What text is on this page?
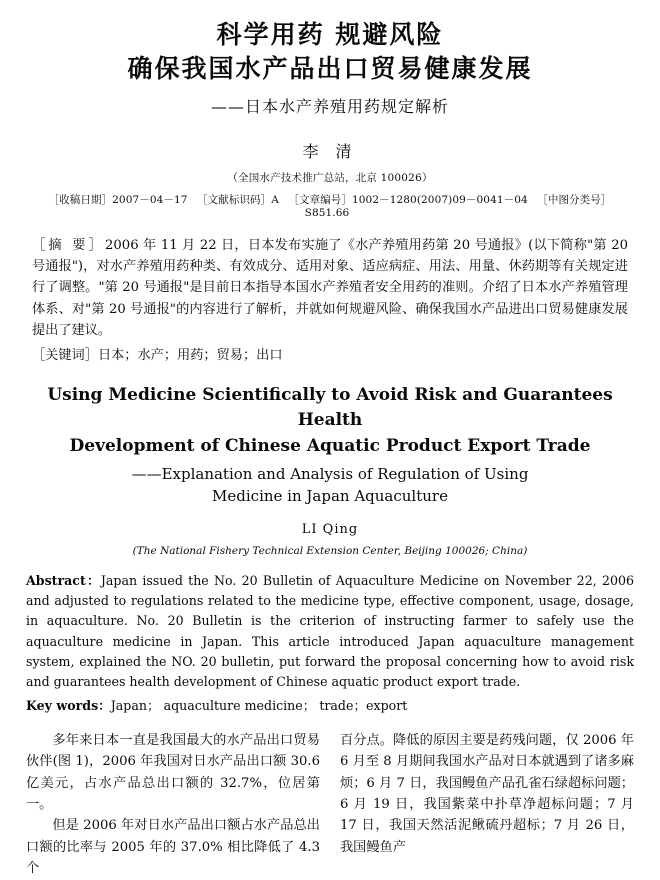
科学用药 规避风险
确保我国水产品出口贸易健康发展
——日本水产养殖用药规定解析
李 清
（全国水产技术推广总站，北京 100026）
［收稿日期］2007－04－17 ［文献标识码］A ［文章编号］1002－1280(2007)09－0041－04 ［中图分类号］S851.66
［摘 要］2006 年 11 月 22 日，日本发布实施了《水产养殖用药第 20 号通报》(以下简称"第 20 号通报")，对水产养殖用药种类、有效成分、适用对象、适应病症、用法、用量、休药期等有关规定进行了调整。"第 20 号通报"是目前日本指导本国水产养殖者安全用药的准则。介绍了日本水产养殖管理体系、对"第 20 号通报"的内容进行了解析，并就如何规避风险、确保我国水产品进出口贸易健康发展提出了建议。
［关键词］日本；水产；用药；贸易；出口
Using Medicine Scientifically to Avoid Risk and Guarantees Health
Development of Chinese Aquatic Product Export Trade
——Explanation and Analysis of Regulation of Using
Medicine in Japan Aquaculture
LI Qing
(The National Fishery Technical Extension Center, Beijing 100026; China)
Abstract：Japan issued the No. 20 Bulletin of Aquaculture Medicine on November 22, 2006 and adjusted to regulations related to the medicine type, effective component, usage, dosage, in aquaculture. No. 20 Bulletin is the criterion of instructing farmer to safely use the aquaculture medicine in Japan. This article introduced Japan aquaculture management system, explained the NO. 20 bulletin, put forward the proposal concerning how to avoid risk and guarantees health development of Chinese aquatic product export trade.
Key words：Japan； aquaculture medicine； trade；export

多年来日本一直是我国最大的水产品出口贸易伙伴(图 1)，2006 年我国对日水产品出口额 30.6 亿美元，占水产品总出口额的 32.7%，位居第一。

但是 2006 年对日水产品出口额占水产品总出口额的比率与 2005 年的 37.0% 相比降低了 4.3 个

百分点。降低的原因主要是药残问题，仅 2006 年 6 月至 8 月期间我国水产品对日本就遇到了诸多麻烦；6 月 7 日，我国鳗鱼产品孔雀石绿超标问题；6 月 19 日，我国紫菜中扑草净超标问题；7 月 17 日，我国天然活泥鳅硫丹超标；7 月 26 日，我国鳗鱼产
